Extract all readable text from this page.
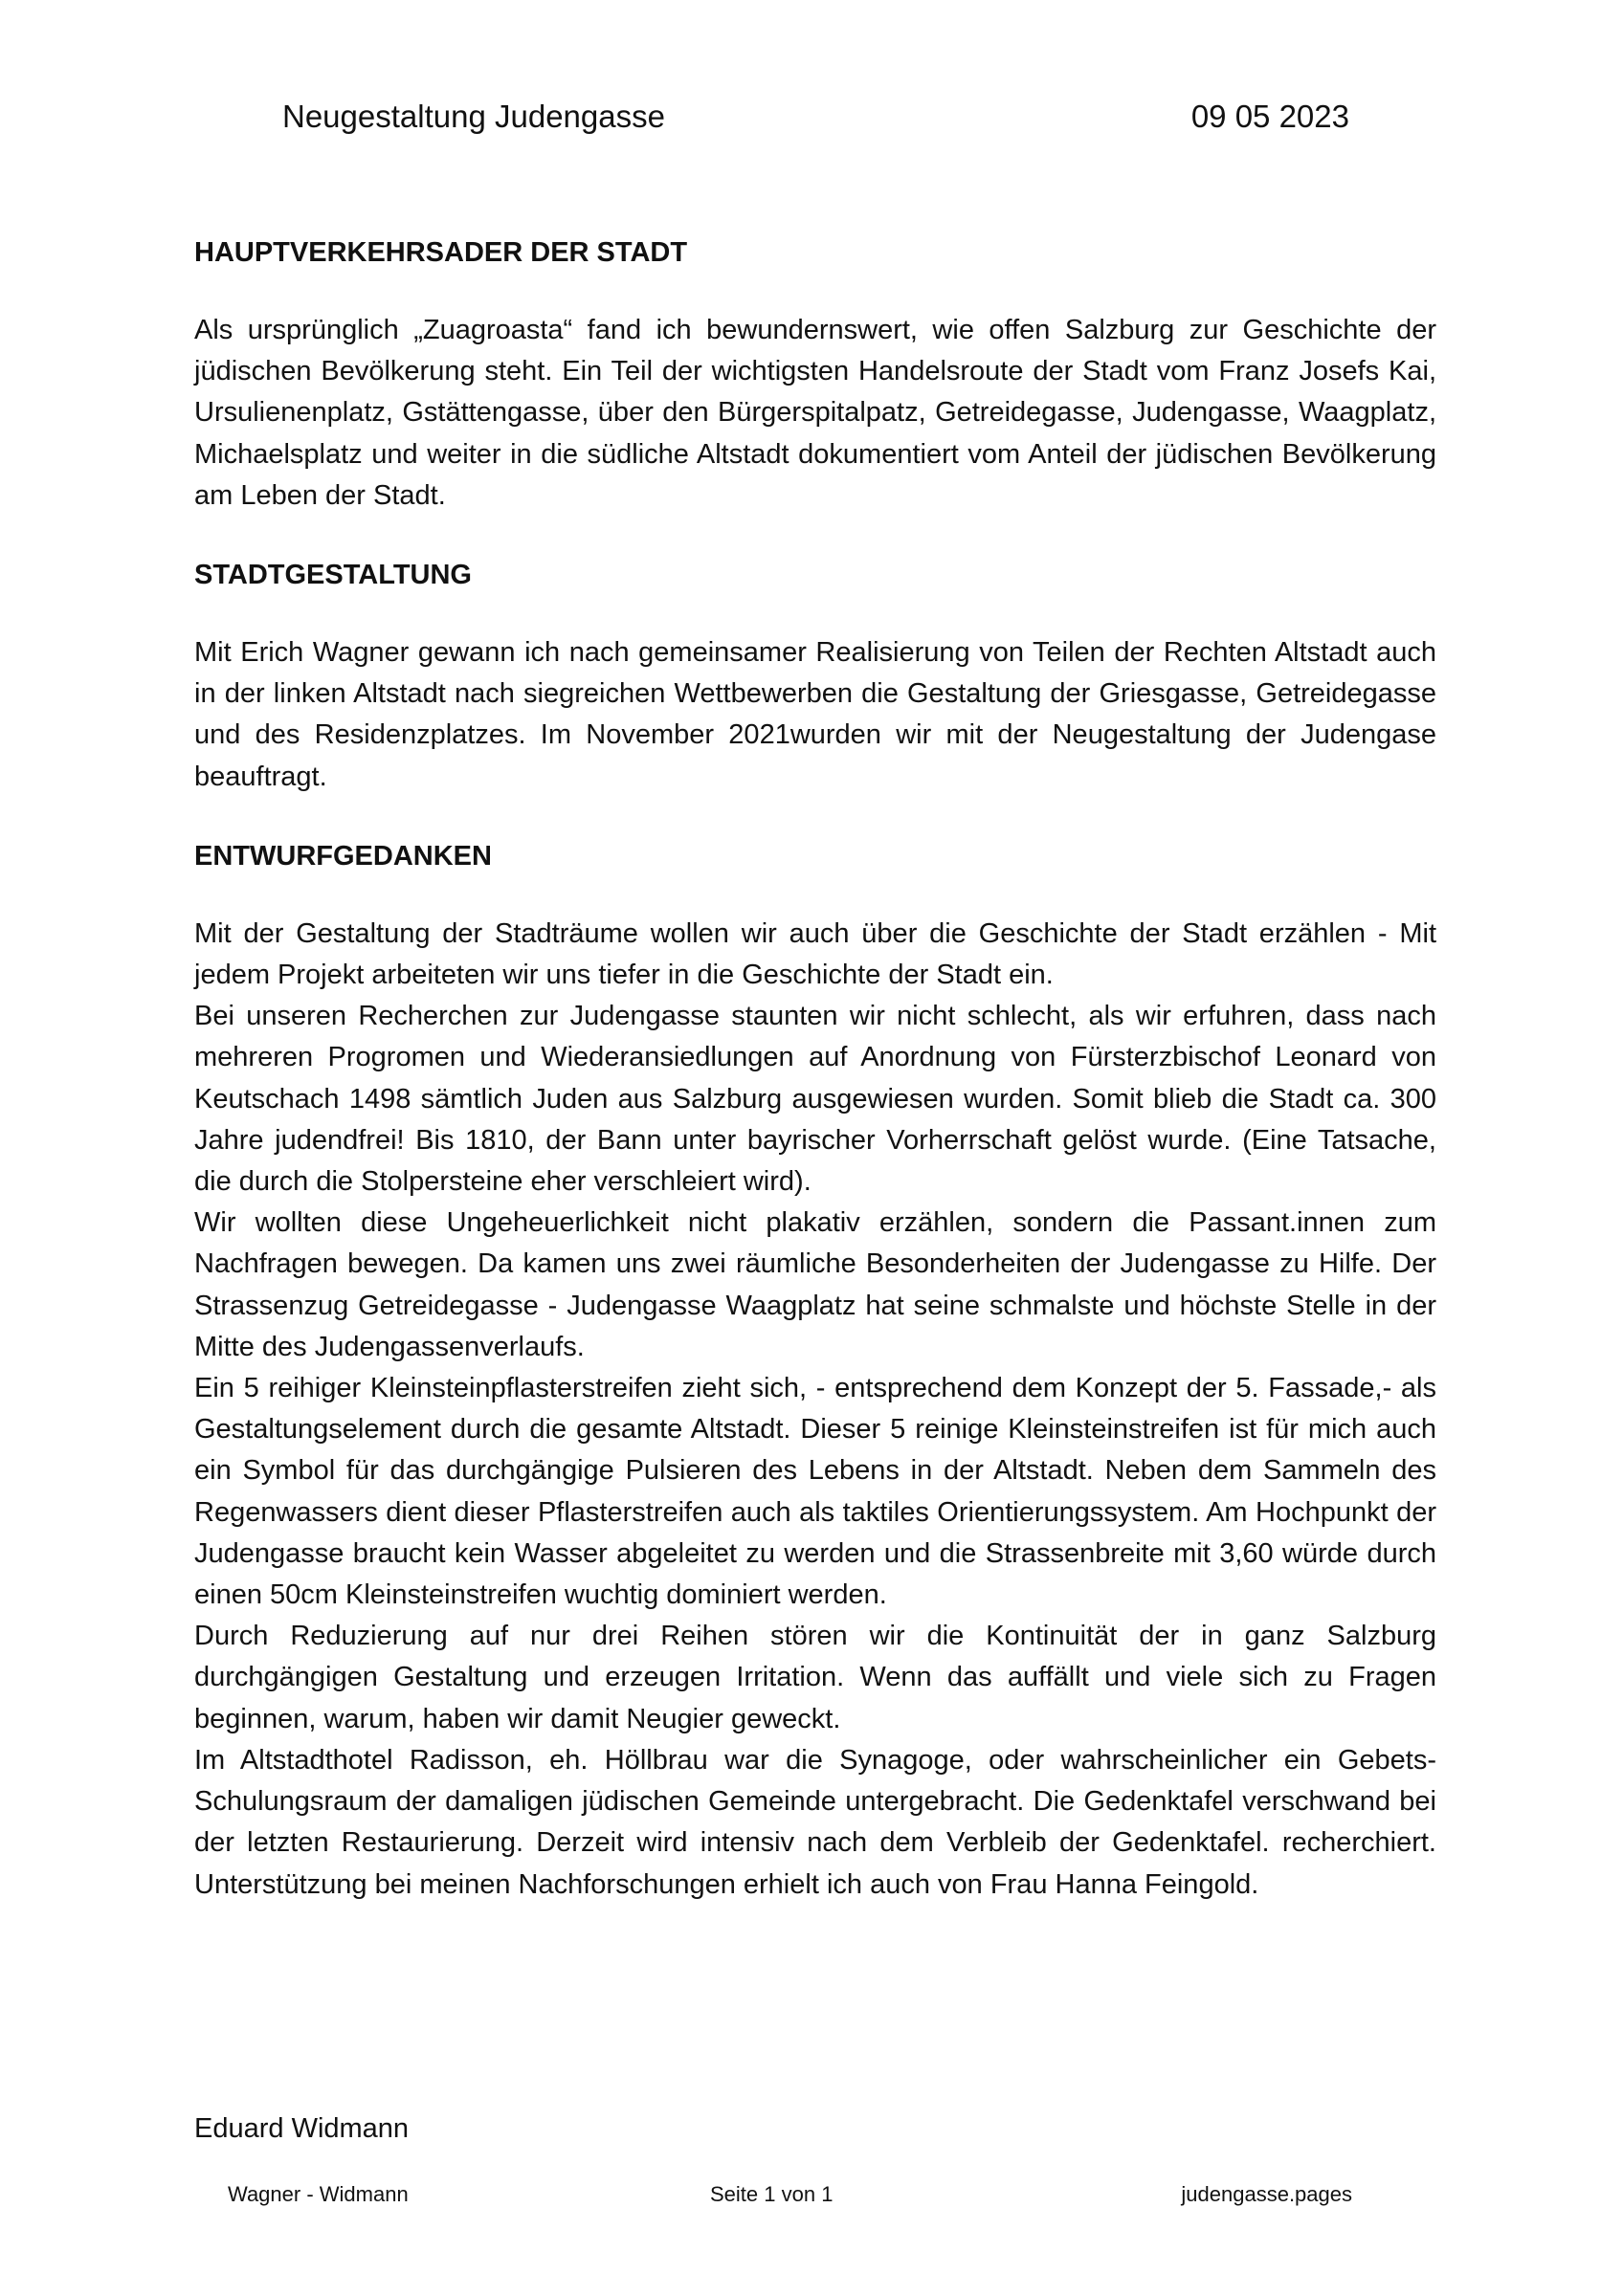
Neugestaltung Judengasse	09 05 2023
HAUPTVERKEHRSADER DER STADT

Als ursprünglich „Zuagroasta“ fand ich bewundernswert, wie offen Salzburg zur Geschichte der jüdischen Bevölkerung steht. Ein Teil der wichtigsten Handelsroute der Stadt vom Franz Josefs Kai, Ursulienenplatz, Gstättengasse, über den Bürgerspitalpatz, Getreidegasse, Judengasse, Waagplatz, Michaelsplatz und weiter in die südliche Altstadt dokumentiert vom Anteil der jüdischen Bevölkerung am Leben der Stadt.

STADTGESTALTUNG

Mit Erich Wagner gewann ich nach gemeinsamer Realisierung von Teilen der Rechten Altstadt auch in der linken Altstadt nach siegreichen Wettbewerben die Gestaltung der Griesgasse, Getreidegasse und des Residenzplatzes. Im November 2021wurden wir mit der Neugestaltung der Judengase beauftragt.

ENTWURFGEDANKEN

Mit der Gestaltung der Stadträume wollen wir auch über die Geschichte der Stadt erzählen - Mit jedem Projekt arbeiteten wir uns tiefer in die Geschichte der Stadt ein.

Bei unseren Recherchen zur Judengasse staunten wir nicht schlecht, als wir erfuhren, dass nach mehreren Progromen und Wiederansiedlungen auf Anordnung von Fürsterzbischof Leonard von Keutschach 1498 sämtlich Juden aus Salzburg ausgewiesen wurden. Somit blieb die Stadt ca. 300 Jahre judendfrei! Bis 1810, der Bann unter bayrischer Vorherrschaft gelöst wurde. (Eine Tatsache, die durch die Stolpersteine eher verschleiert wird).

Wir wollten diese Ungeheuerlichkeit nicht plakativ erzählen, sondern die Passant.innen zum Nachfragen bewegen. Da kamen uns zwei räumliche Besonderheiten der Judengasse zu Hilfe. Der Strassenzug Getreidegasse - Judengasse Waagplatz hat seine schmalste und höchste Stelle in der Mitte des Judengassenverlaufs.

Ein 5 reihiger Kleinsteinpflasterstreifen zieht sich, - entsprechend dem Konzept der 5. Fassade,- als Gestaltungselement durch die gesamte Altstadt. Dieser 5 reinige Kleinsteinstreifen ist für mich auch ein Symbol für das durchgängige Pulsieren des Lebens in der Altstadt. Neben dem Sammeln des Regenwassers dient dieser Pflasterstreifen auch als taktiles Orientierungssystem. Am Hochpunkt der Judengasse braucht kein Wasser abgeleitet zu werden und die Strassenbreite mit 3,60 würde durch einen 50cm Kleinsteinstreifen wuchtig dominiert werden.

Durch Reduzierung auf nur drei Reihen stören wir die Kontinuität der in ganz Salzburg durchgängigen Gestaltung und erzeugen Irritation. Wenn das auffällt und viele sich zu Fragen beginnen, warum, haben wir damit Neugier geweckt.

Im Altstadthotel Radisson, eh. Höllbrau war die Synagoge, oder wahrscheinlicher ein Gebets- Schulungsraum der damaligen jüdischen Gemeinde untergebracht. Die Gedenktafel verschwand bei der letzten Restaurierung. Derzeit wird intensiv nach dem Verbleib der Gedenktafel. recherchiert. Unterstützung bei meinen Nachforschungen erhielt ich auch von Frau Hanna Feingold.

Eduard Widmann
Wagner - Widmann	Seite 1 von 1	judengasse.pages
